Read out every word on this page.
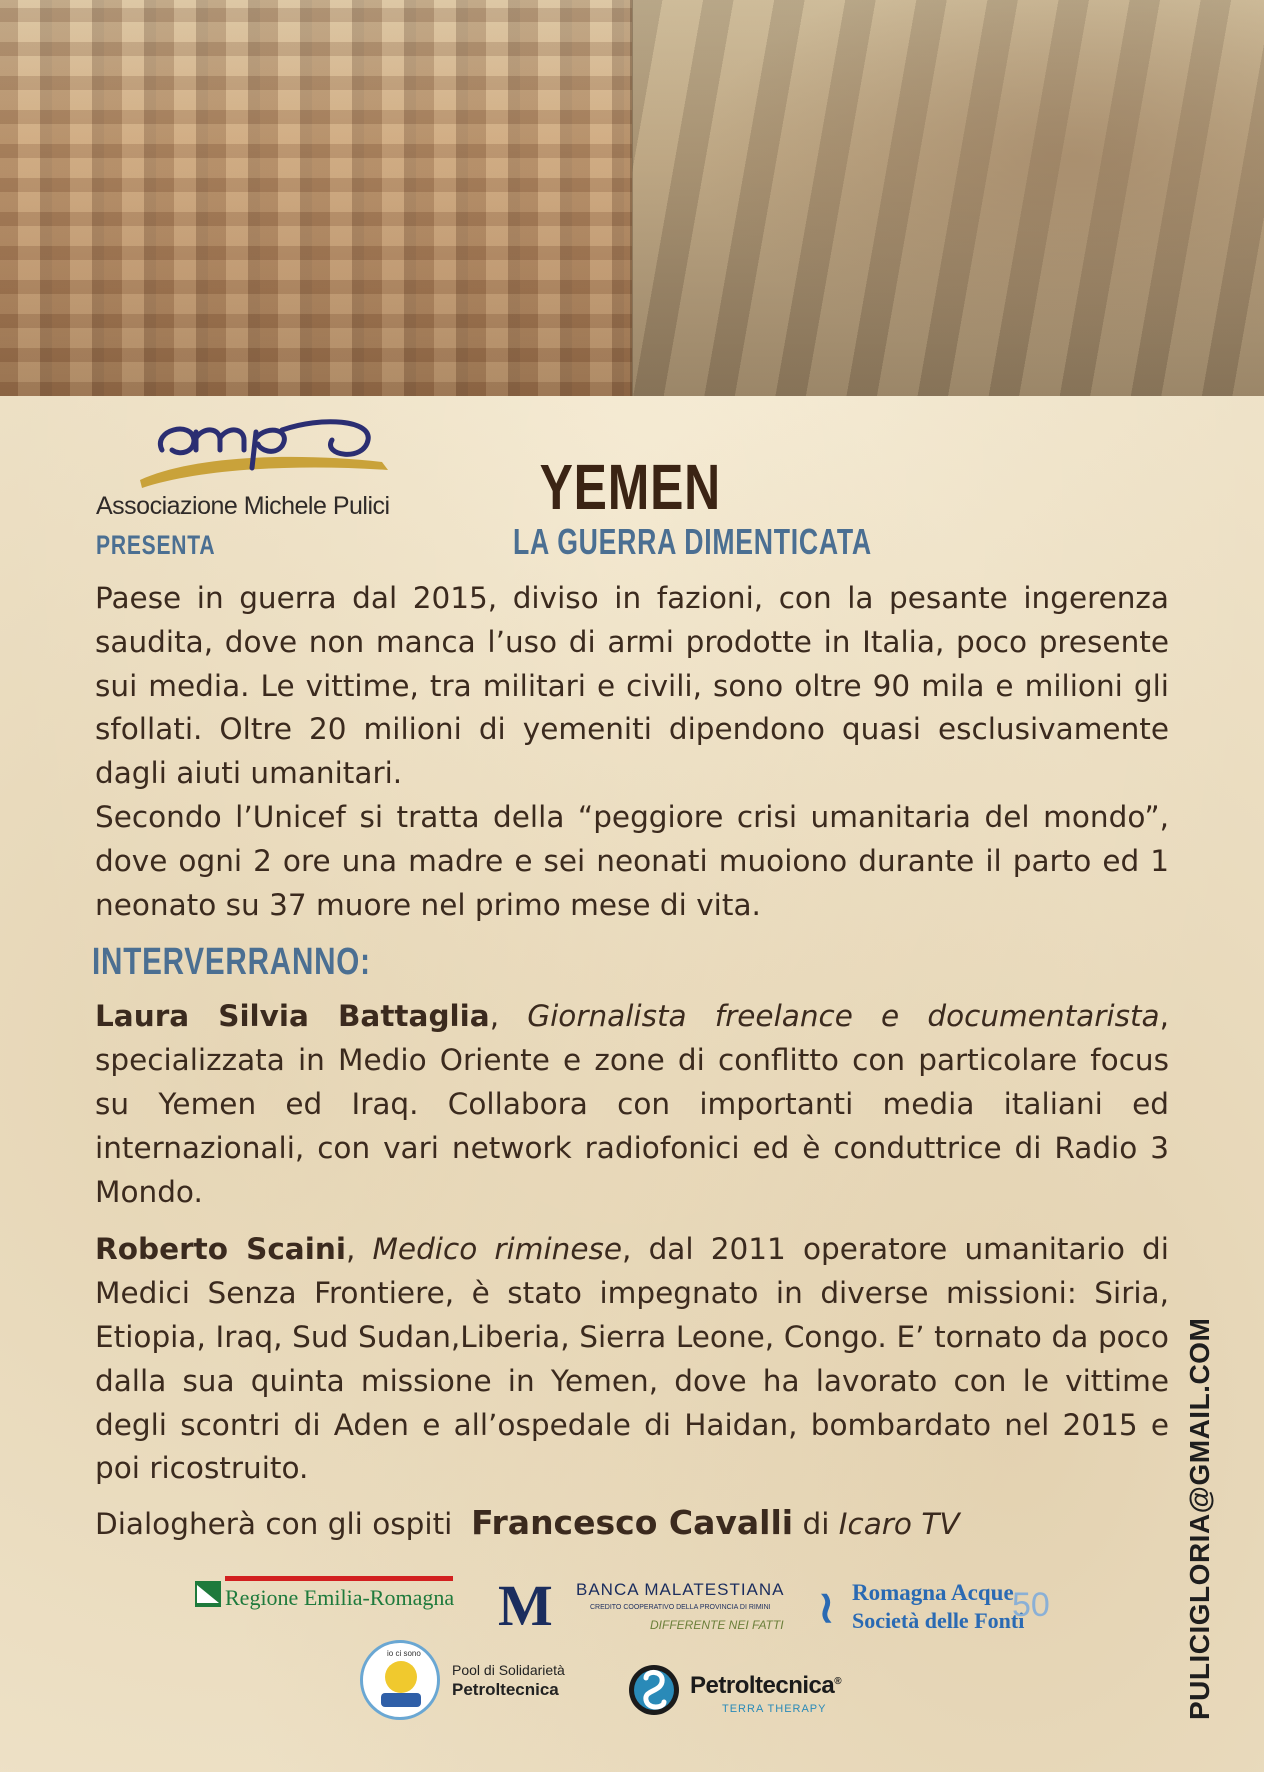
Associazione Michele Pulici
PRESENTA
YEMEN
LA GUERRA DIMENTICATA

Paese in guerra dal 2015, diviso in fazioni, con la pesante ingerenza saudita, dove non manca l’uso di armi prodotte in Italia, poco presente sui media. Le vittime, tra militari e civili, sono oltre 90 mila e milioni gli sfollati. Oltre 20 milioni di yemeniti dipendono quasi esclusivamente dagli aiuti umanitari.

Secondo l’Unicef si tratta della “peggiore crisi umanitaria del mondo”, dove ogni 2 ore una madre e sei neonati muoiono durante il parto ed 1 neonato su 37 muore nel primo mese di vita.

INTERVERRANNO:

Laura Silvia Battaglia, Giornalista freelance e documentarista, specializzata in Medio Oriente e zone di conflitto con particolare focus su Yemen ed Iraq. Collabora con importanti media italiani ed internazionali, con vari network radiofonici ed è conduttrice di Radio 3 Mondo.

Roberto Scaini, Medico riminese, dal 2011 operatore umanitario di Medici Senza Frontiere, è stato impegnato in diverse missioni: Siria, Etiopia, Iraq, Sud Sudan,Liberia, Sierra Leone, Congo. E’ tornato da poco dalla sua quinta missione in Yemen, dove ha lavorato con le vittime degli scontri di Aden e all’ospedale di Haidan, bombardato nel 2015 e poi ricostruito.

Dialogherà con gli ospiti Francesco Cavalli di Icaro TV	PULICIGLORIA@GMAIL.COM
Regione Emilia-Romagna M BANCA MALATESTIANA
CREDITO COOPERATIVO DELLA PROVINCIA DI RIMINI
DIFFERENTE NEI FATTI ≀ Romagna Acque
Società delle Fonti
50
io ci sono
Pool di Solidarietà
Petroltecnica	Petroltecnica®
TERRA THERAPY
